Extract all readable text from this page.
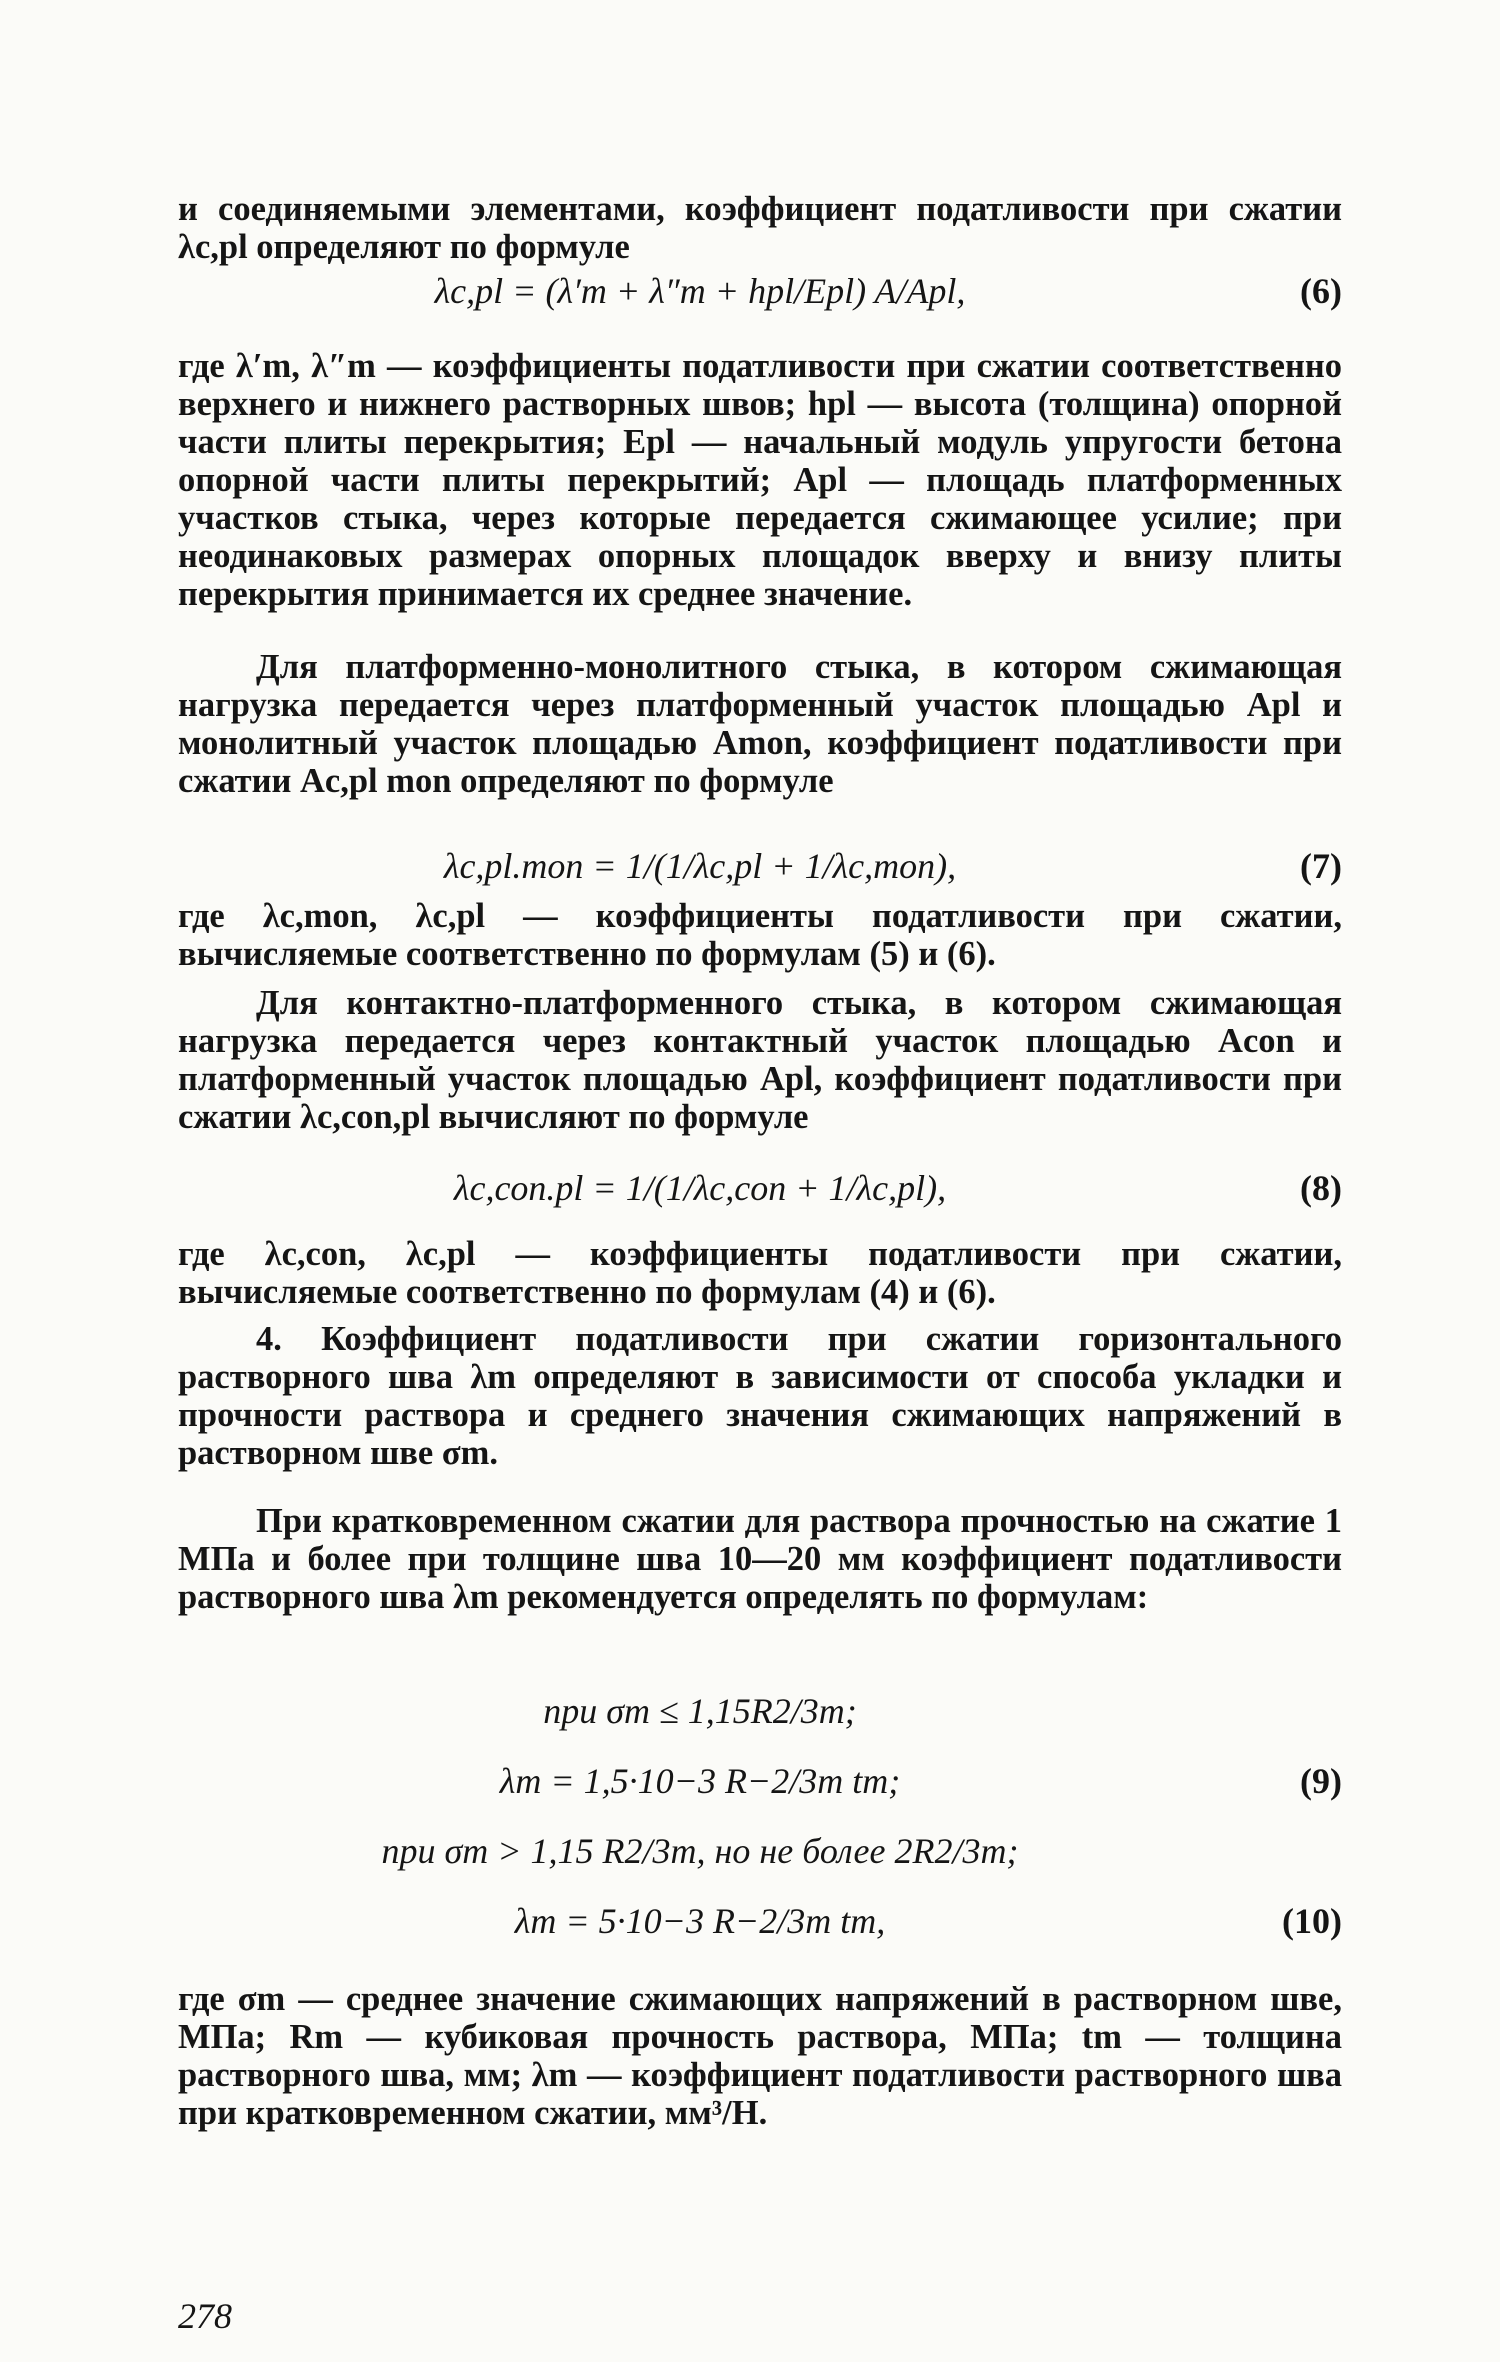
и соединяемыми элементами, коэффициент податливости при сжатии λc,pl определяют по формуле

λc,pl = (λ′m + λ″m + hpl/Epl) A/Apl,	(6)

где λ′m, λ″m — коэффициенты податливости при сжатии соответственно верхнего и нижнего растворных швов; hpl — высота (толщина) опорной части плиты перекрытия; Epl — начальный модуль упругости бетона опорной части плиты перекрытий; Apl — площадь платформенных участков стыка, через которые передается сжимающее усилие; при неодинаковых размерах опорных площадок вверху и внизу плиты перекрытия принимается их среднее значение.

Для платформенно-монолитного стыка, в котором сжимающая нагрузка передается через платформенный участок площадью Apl и монолитный участок площадью Amon, коэффициент податливости при сжатии Ac,pl mon определяют по формуле

λc,pl.mon = 1/(1/λc,pl + 1/λc,mon),	(7)

где λc,mon, λc,pl — коэффициенты податливости при сжатии, вычисляемые соответственно по формулам (5) и (6).

Для контактно-платформенного стыка, в котором сжимающая нагрузка передается через контактный участок площадью Acon и платформенный участок площадью Apl, коэффициент податливости при сжатии λc,con,pl вычисляют по формуле

λc,con.pl = 1/(1/λc,con + 1/λc,pl),	(8)

где λc,con, λc,pl — коэффициенты податливости при сжатии, вычисляемые соответственно по формулам (4) и (6).

4. Коэффициент податливости при сжатии горизонтального растворного шва λm определяют в зависимости от способа укладки и прочности раствора и среднего значения сжимающих напряжений в растворном шве σm.

При кратковременном сжатии для раствора прочностью на сжатие 1 МПа и более при толщине шва 10—20 мм коэффициент податливости растворного шва λm рекомендуется определять по формулам:

при σm ≤ 1,15R2/3m;
λm = 1,5·10−3 R−2/3m tm;	(9)
при σm > 1,15 R2/3m, но не более 2R2/3m;
λm = 5·10−3 R−2/3m tm,	(10)

где σm — среднее значение сжимающих напряжений в растворном шве, МПа; Rm — кубиковая прочность раствора, МПа; tm — толщина растворного шва, мм; λm — коэффициент податливости растворного шва при кратковременном сжатии, мм³/Н.

278
